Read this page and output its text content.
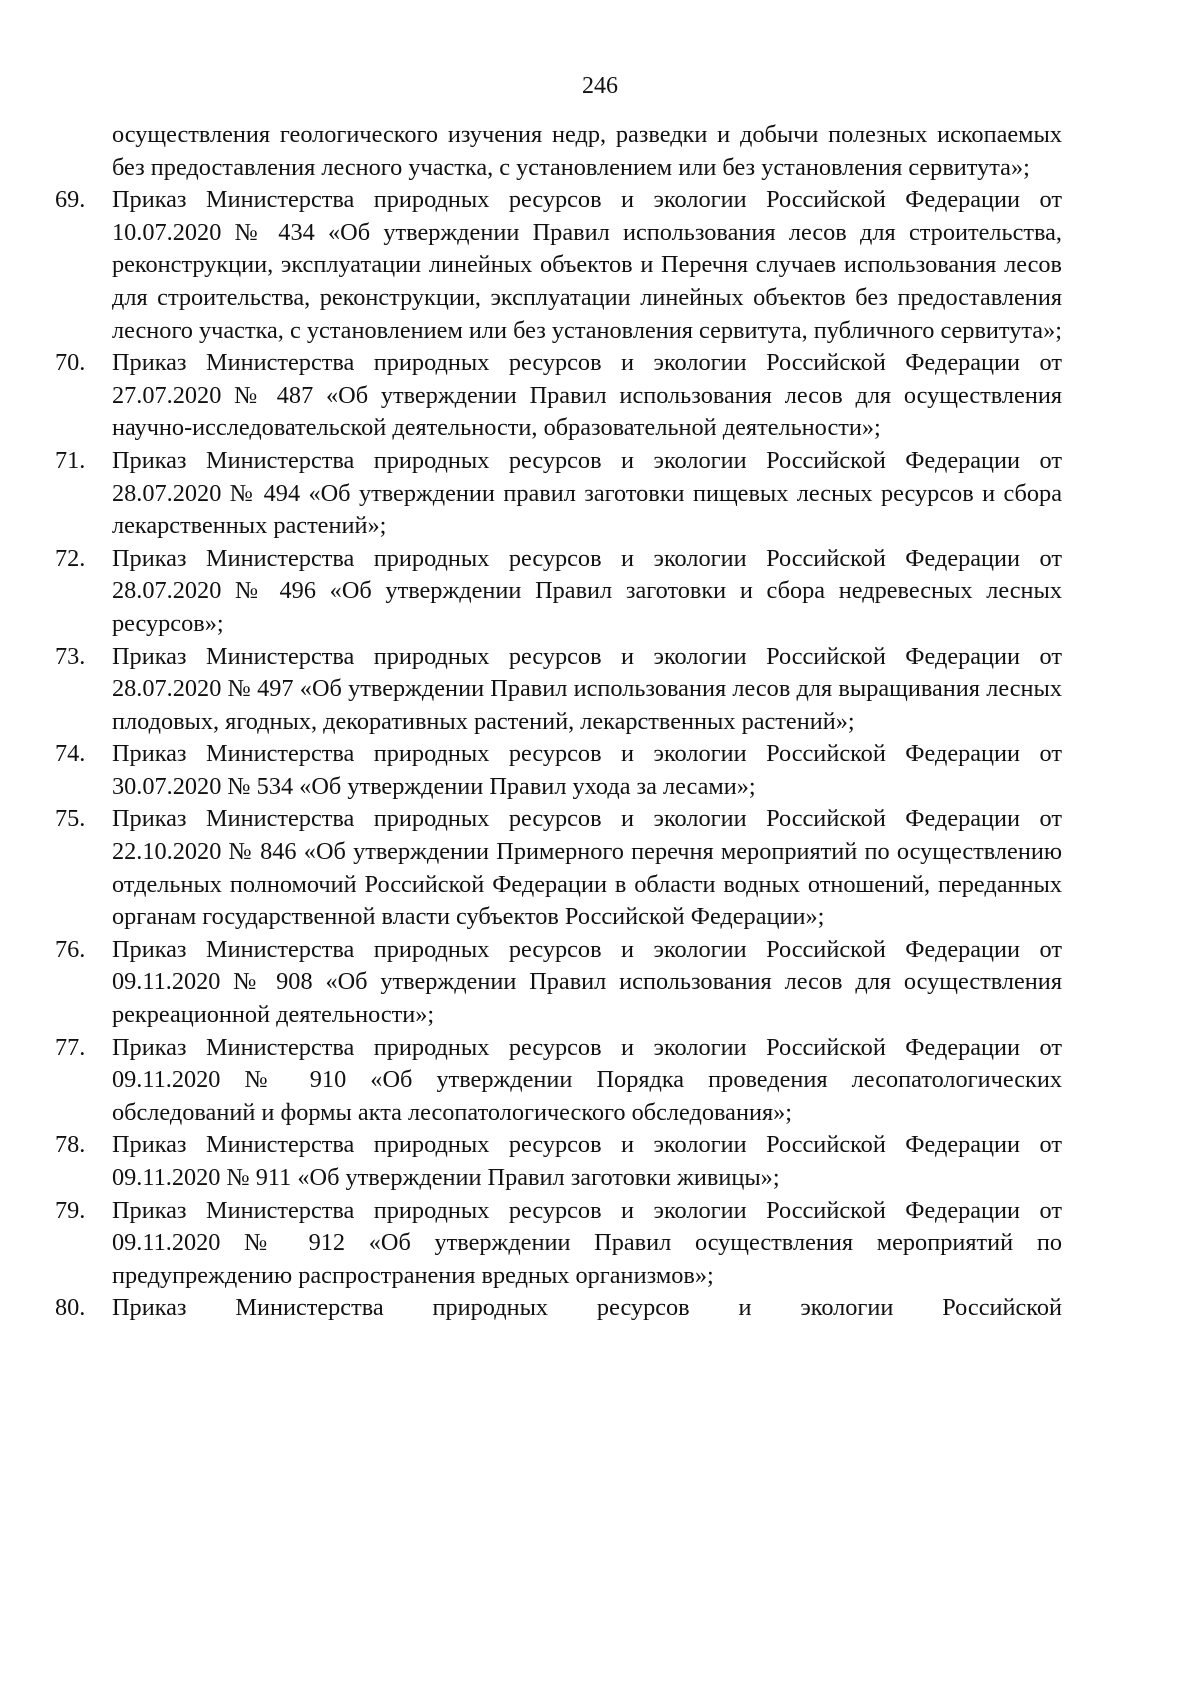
246

осуществления геологического изучения недр, разведки и добычи полезных ископаемых без предоставления лесного участка, с установлением или без установления сервитута»;

69.	Приказ Министерства природных ресурсов и экологии Российской Федерации от 10.07.2020 № 434 «Об утверждении Правил использования лесов для строительства, реконструкции, эксплуатации линейных объектов и Перечня случаев использования лесов для строительства, реконструкции, эксплуатации линейных объектов без предоставления лесного участка, с установлением или без установления сервитута, публичного сервитута»;
70.	Приказ Министерства природных ресурсов и экологии Российской Федерации от 27.07.2020 № 487 «Об утверждении Правил использования лесов для осуществления научно-исследовательской деятельности, образовательной деятельности»;
71.	Приказ Министерства природных ресурсов и экологии Российской Федерации от 28.07.2020 № 494 «Об утверждении правил заготовки пищевых лесных ресурсов и сбора лекарственных растений»;
72.	Приказ Министерства природных ресурсов и экологии Российской Федерации от 28.07.2020 № 496 «Об утверждении Правил заготовки и сбора недревесных лесных ресурсов»;
73.	Приказ Министерства природных ресурсов и экологии Российской Федерации от 28.07.2020 № 497 «Об утверждении Правил использования лесов для выращивания лесных плодовых, ягодных, декоративных растений, лекарственных растений»;
74.	Приказ Министерства природных ресурсов и экологии Российской Федерации от 30.07.2020 № 534 «Об утверждении Правил ухода за лесами»;
75.	Приказ Министерства природных ресурсов и экологии Российской Федерации от 22.10.2020 № 846 «Об утверждении Примерного перечня мероприятий по осуществлению отдельных полномочий Российской Федерации в области водных отношений, переданных органам государственной власти субъектов Российской Федерации»;
76.	Приказ Министерства природных ресурсов и экологии Российской Федерации от 09.11.2020 № 908 «Об утверждении Правил использования лесов для осуществления рекреационной деятельности»;
77.	Приказ Министерства природных ресурсов и экологии Российской Федерации от 09.11.2020 № 910 «Об утверждении Порядка проведения лесопатологических обследований и формы акта лесопатологического обследования»;
78.	Приказ Министерства природных ресурсов и экологии Российской Федерации от 09.11.2020 № 911 «Об утверждении Правил заготовки живицы»;
79.	Приказ Министерства природных ресурсов и экологии Российской Федерации от 09.11.2020 № 912 «Об утверждении Правил осуществления мероприятий по предупреждению распространения вредных организмов»;
80.	Приказ Министерства природных ресурсов и экологии Российской
